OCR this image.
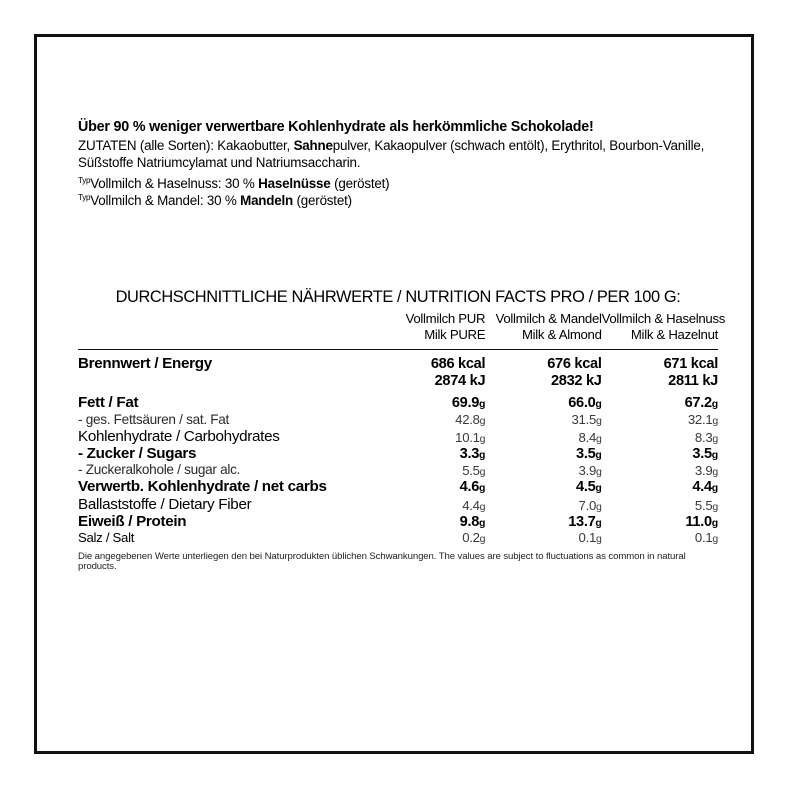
Über 90 % weniger verwertbare Kohlenhydrate als herkömmliche Schokolade!
ZUTATEN (alle Sorten): Kakaobutter, Sahnepulver, Kakaopulver (schwach entölt), Erythritol, Bourbon-Vanille, Süßstoffe Natriumcylamat und Natriumsaccharin.
$^{Typ}$Vollmilch & Haselnuss: 30 % Haselnüsse (geröstet)
$^{Typ}$Vollmilch & Mandel: 30 % Mandeln (geröstet)
DURCHSCHNITTLICHE NÄHRWERTE / NUTRITION FACTS PRO / PER 100 G:
	Vollmilch PUR	Vollmilch & Mandel	Vollmilch & Haselnuss
	Milk PURE	Milk & Almond	Milk & Hazelnut

Brennwert / Energy	686 kcal	676 kcal	671 kcal
	2874 kJ	2832 kJ	2811 kJ

Fett / Fat	69.9g	66.0g	67.2g
- ges. Fettsäuren / sat. Fat	42.8g	31.5g	32.1g
Kohlenhydrate / Carbohydrates	10.1g	8.4g	8.3g
- Zucker / Sugars	3.3g	3.5g	3.5g
- Zuckeralkohole / sugar alc.	5.5g	3.9g	3.9g
Verwertb. Kohlenhydrate / net carbs	4.6g	4.5g	4.4g
Ballaststoffe / Dietary Fiber	4.4g	7.0g	5.5g
Eiweiß / Protein	9.8g	13.7g	11.0g
Salz / Salt	0.2g	0.1g	0.1g
Die angegebenen Werte unterliegen den bei Naturprodukten üblichen Schwankungen. The values are subject to fluctuations as common in natural products.
